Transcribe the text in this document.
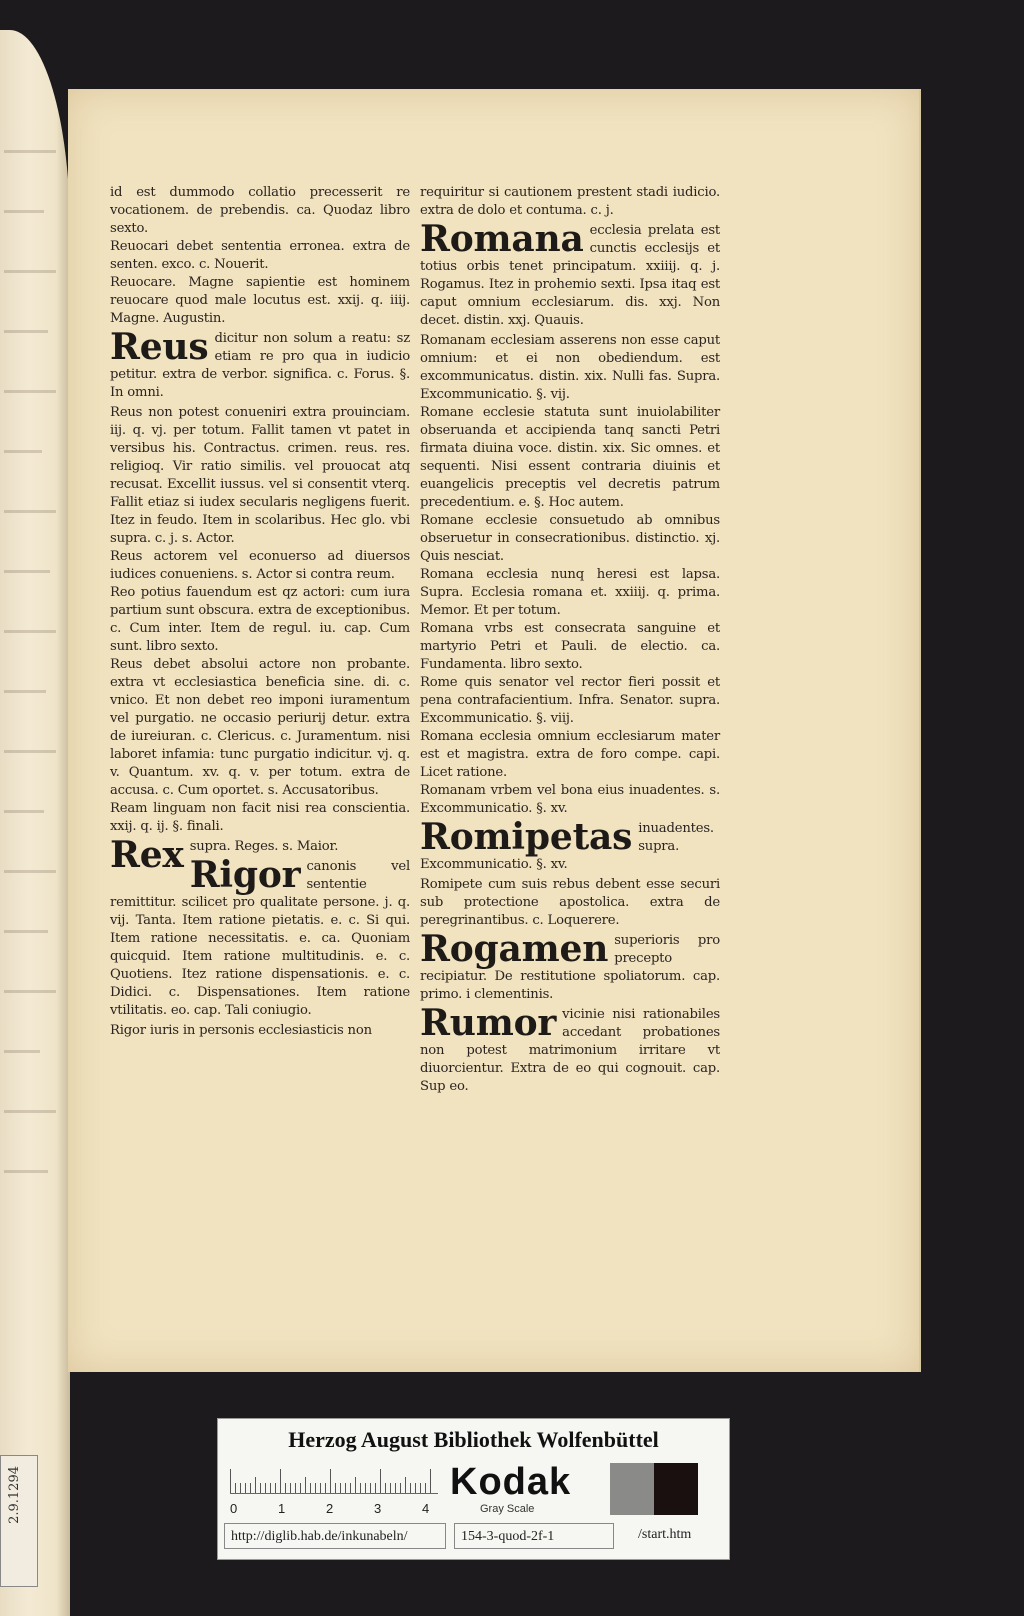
2.9.1294

id est dummodo collatio precesserit re vocationem. de prebendis. ca. Quodaz libro sexto.

Reuocari debet sententia erronea. extra de senten. exco. c. Nouerit.

Reuocare. Magne sapientie est hominem reuocare quod male locutus est. xxij. q. iiij. Magne. Augustin.

Reus dicitur non solum a reatu: sz etiam re pro qua in iudicio petitur. extra de verbor. significa. c. Forus. §. In omni.

Reus non potest conueniri extra prouinciam. iij. q. vj. per totum. Fallit tamen vt patet in versibus his. Contractus. crimen. reus. res. religioq. Vir ratio similis. vel prouocat atq recusat. Excellit iussus. vel si consentit vterq. Fallit etiaz si iudex secularis negligens fuerit. Itez in feudo. Item in scolaribus. Hec glo. vbi supra. c. j. s. Actor.

Reus actorem vel econuerso ad diuersos iudices conueniens. s. Actor si contra reum.

Reo potius fauendum est qz actori: cum iura partium sunt obscura. extra de exceptionibus. c. Cum inter. Item de regul. iu. cap. Cum sunt. libro sexto.

Reus debet absolui actore non probante. extra vt ecclesiastica beneficia sine. di. c. vnico. Et non debet reo imponi iuramentum vel purgatio. ne occasio periurij detur. extra de iureiuran. c. Clericus. c. Juramentum. nisi laboret infamia: tunc purgatio indicitur. vj. q. v. Quantum. xv. q. v. per totum. extra de accusa. c. Cum oportet. s. Accusatoribus.

Ream linguam non facit nisi rea conscientia. xxij. q. ij. §. finali.

Rex supra. Reges. s. Maior.

Rigor canonis vel sententie remittitur. scilicet pro qualitate persone. j. q. vij. Tanta. Item ratione pietatis. e. c. Si qui. Item ratione necessitatis. e. ca. Quoniam quicquid. Item ratione multitudinis. e. c. Quotiens. Itez ratione dispensationis. e. c. Didici. c. Dispensationes. Item ratione vtilitatis. eo. cap. Tali coniugio.

Rigor iuris in personis ecclesiasticis non

requiritur si cautionem prestent stadi iudicio. extra de dolo et contuma. c. j.

Romana ecclesia prelata est cunctis ecclesijs et totius orbis tenet principatum. xxiiij. q. j. Rogamus. Itez in prohemio sexti. Ipsa itaq est caput omnium ecclesiarum. dis. xxj. Non decet. distin. xxj. Quauis.

Romanam ecclesiam asserens non esse caput omnium: et ei non obediendum. est excommunicatus. distin. xix. Nulli fas. Supra. Excommunicatio. §. vij.

Romane ecclesie statuta sunt inuiolabiliter obseruanda et accipienda tanq sancti Petri firmata diuina voce. distin. xix. Sic omnes. et sequenti. Nisi essent contraria diuinis et euangelicis preceptis vel decretis patrum precedentium. e. §. Hoc autem.

Romane ecclesie consuetudo ab omnibus obseruetur in consecrationibus. distinctio. xj. Quis nesciat.

Romana ecclesia nunq heresi est lapsa. Supra. Ecclesia romana et. xxiiij. q. prima. Memor. Et per totum.

Romana vrbs est consecrata sanguine et martyrio Petri et Pauli. de electio. ca. Fundamenta. libro sexto.

Rome quis senator vel rector fieri possit et pena contrafacientium. Infra. Senator. supra. Excommunicatio. §. viij.

Romana ecclesia omnium ecclesiarum mater est et magistra. extra de foro compe. capi. Licet ratione.

Romanam vrbem vel bona eius inuadentes. s. Excommunicatio. §. xv.

Romipetas inuadentes. supra. Excommunicatio. §. xv.

Romipete cum suis rebus debent esse securi sub protectione apostolica. extra de peregrinantibus. c. Loquerere.

Rogamen superioris pro precepto recipiatur. De restitutione spoliatorum. cap. primo. i clementinis.

Rumor vicinie nisi rationabiles accedant probationes non potest matrimonium irritare vt diuorcientur. Extra de eo qui cognouit. cap. Sup eo.

Herzog August Bibliothek Wolfenbüttel
0	1	2	3	4
Kodak
Gray Scale
http://diglib.hab.de/inkunabeln/	154-3-quod-2f-1	/start.htm
